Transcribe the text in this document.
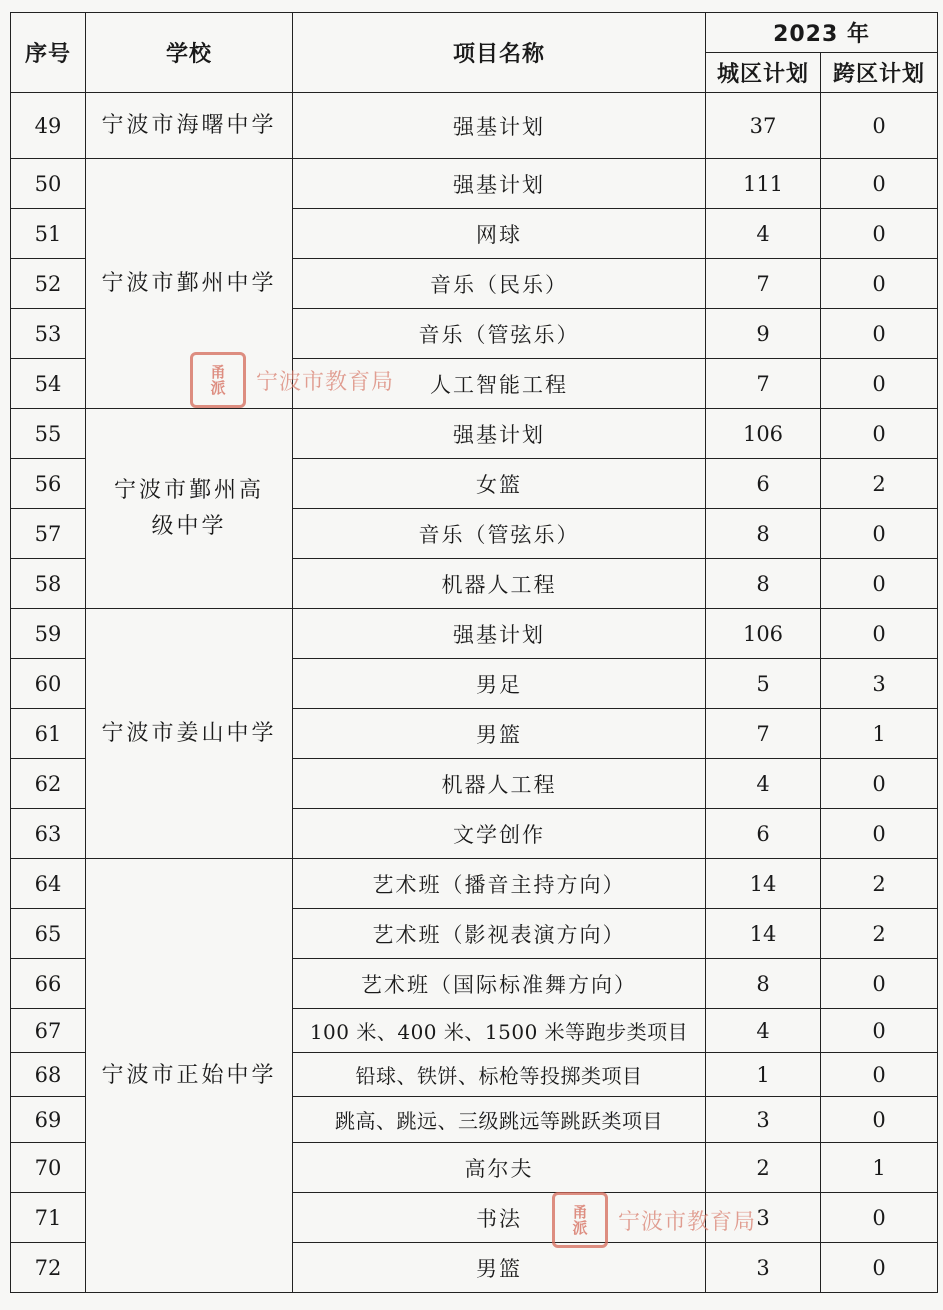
序号	学校	项目名称	2023 年	
			城区计划	跨区计划
49	宁波市海曙中学	强基计划	37	0
50	宁波市鄞州中学	强基计划	111	0
51		网球	4	0
52		音乐（民乐）	7	0
53		音乐（管弦乐）	9	0
54		人工智能工程	7	0
55	宁波市鄞州高级中学	强基计划	106	0
56		女篮	6	2
57		音乐（管弦乐）	8	0
58		机器人工程	8	0
59	宁波市姜山中学	强基计划	106	0
60		男足	5	3
61		男篮	7	1
62		机器人工程	4	0
63		文学创作	6	0
64	宁波市正始中学	艺术班（播音主持方向）	14	2
65		艺术班（影视表演方向）	14	2
66		艺术班（国际标准舞方向）	8	0
67		100 米、400 米、1500 米等跑步类项目	4	0
68		铅球、铁饼、标枪等投掷类项目	1	0
69		跳高、跳远、三级跳远等跳跃类项目	3	0
70		高尔夫	2	1
71		书法	3	0
72		男篮	3	0
甬
派	宁波市教育局
甬
派	宁波市教育局
